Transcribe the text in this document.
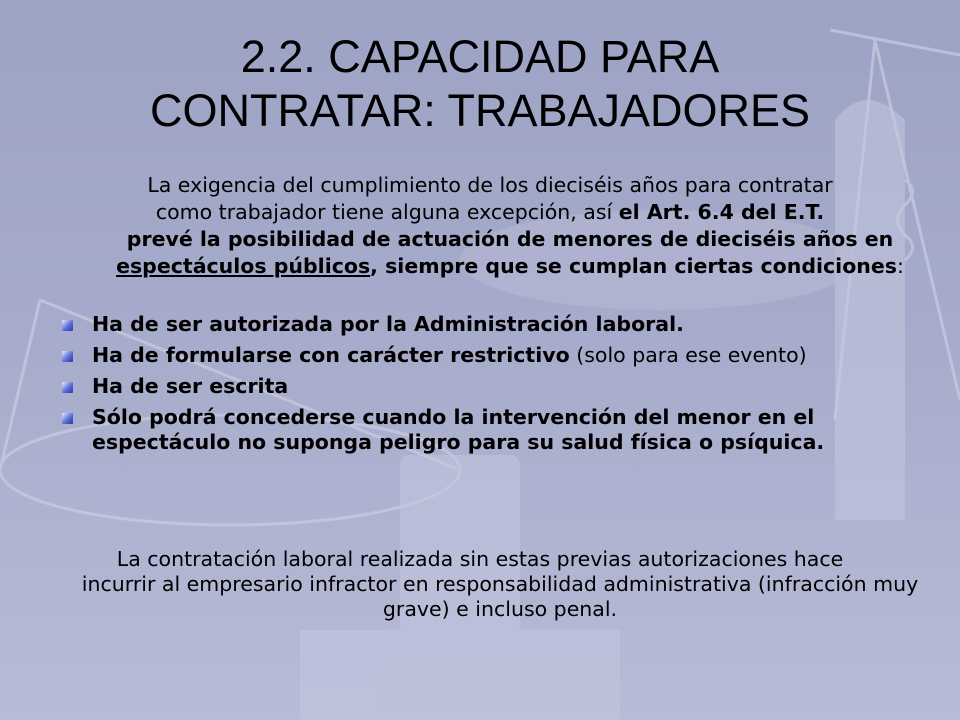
2.2. CAPACIDAD PARA
CONTRATAR: TRABAJADORES
La exigencia del cumplimiento de los dieciséis años para contratar
como trabajador tiene alguna excepción, así el Art. 6.4 del E.T.
prevé la posibilidad de actuación de menores de dieciséis años en espectáculos públicos, siempre que se cumplan ciertas condiciones:
Ha de ser autorizada por la Administración laboral.
Ha de formularse con carácter restrictivo (solo para ese evento)
Ha de ser escrita
Sólo podrá concederse cuando la intervención del menor en el espectáculo no suponga peligro para su salud física o psíquica.
La contratación laboral realizada sin estas previas autorizaciones hace
incurrir al empresario infractor en responsabilidad administrativa (infracción muy grave) e incluso penal.
